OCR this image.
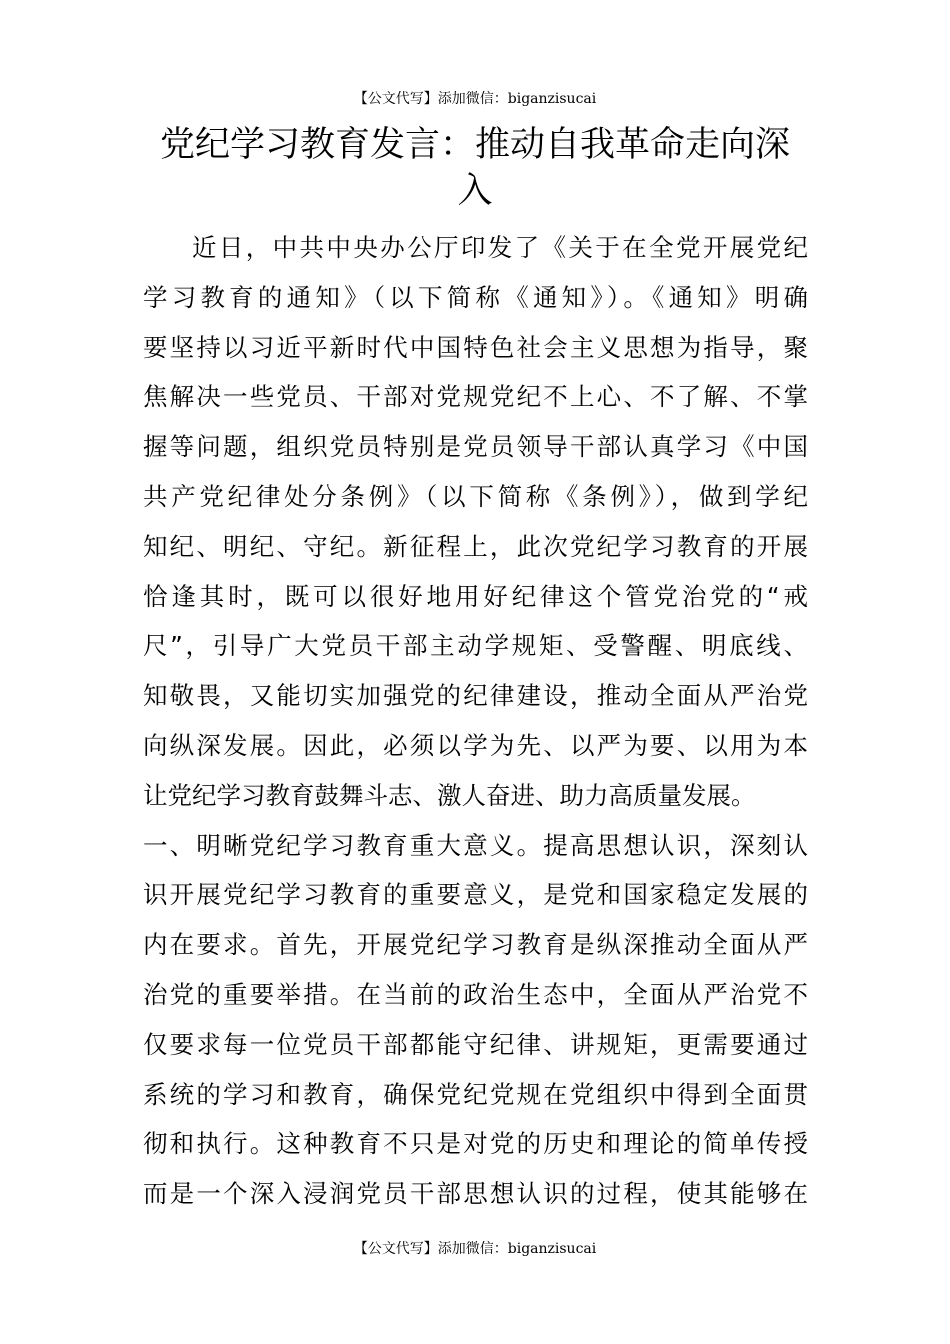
【公文代写】添加微信：biganzisucai
党纪学习教育发言：推动自我革命走向深
入
近日，中共中央办公厅印发了《关于在全党开展党纪
学习教育的通知》（以下简称《通知》）。《通知》明确
要坚持以习近平新时代中国特色社会主义思想为指导，聚
焦解决一些党员、干部对党规党纪不上心、不了解、不掌
握等问题，组织党员特别是党员领导干部认真学习《中国
共产党纪律处分条例》（以下简称《条例》），做到学纪
知纪、明纪、守纪。新征程上，此次党纪学习教育的开展
恰逢其时，既可以很好地用好纪律这个管党治党的“戒
尺”，引导广大党员干部主动学规矩、受警醒、明底线、
知敬畏，又能切实加强党的纪律建设，推动全面从严治党
向纵深发展。因此，必须以学为先、以严为要、以用为本
让党纪学习教育鼓舞斗志、激人奋进、助力高质量发展。
一、明晰党纪学习教育重大意义。提高思想认识，深刻认
识开展党纪学习教育的重要意义，是党和国家稳定发展的
内在要求。首先，开展党纪学习教育是纵深推动全面从严
治党的重要举措。在当前的政治生态中，全面从严治党不
仅要求每一位党员干部都能守纪律、讲规矩，更需要通过
系统的学习和教育，确保党纪党规在党组织中得到全面贯
彻和执行。这种教育不只是对党的历史和理论的简单传授
而是一个深入浸润党员干部思想认识的过程，使其能够在
【公文代写】添加微信：biganzisucai
